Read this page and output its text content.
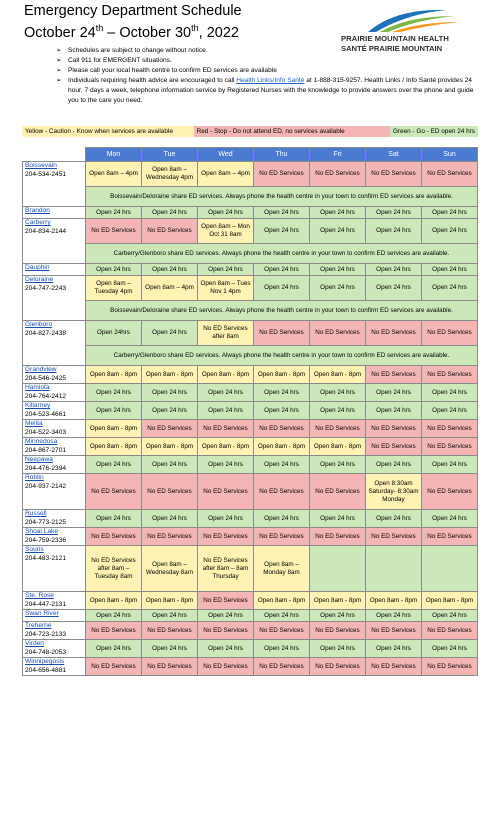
Emergency Department Schedule
October 24th – October 30th, 2022	PRAIRIE MOUNTAIN HEALTH
SANTÉ PRAIRIE MOUNTAIN
➢ Schedules are subject to change without notice.
➢ Call 911 for EMERGENT situations.
➢ Please call your local health centre to confirm ED services are available
➢ Individuals requiring health advice are encouraged to call Health Links/Info Santé at 1-888-315-9257. Health Links / Info Santé provides 24 hour, 7 days a week, telephone information service by Registered Nurses with the knowledge to provide answers over the phone and guide you to the care you need.
Yellow - Caution - Know when services are available	Red - Stop - Do not attend ED, no services available	Green - Go - ED open 24 hrs
	Mon	Tue	Wed	Thu	Fri	Sat	Sun

Boissevain
204-534-2451	Open 8am – 4pm	Open 8am – Wednesday 4pm	Open 8am – 4pm	No ED Services	No ED Services	No ED Services	No ED Services
	Boissevain/Deloraine share ED services. Always phone the health centre in your town to confirm ED services are available.						

Brandon	Open 24 hrs	Open 24 hrs	Open 24 hrs	Open 24 hrs	Open 24 hrs	Open 24 hrs	Open 24 hrs

Carberry
204-834-2144	No ED Services	No ED Services	Open 8am – Mon Oct 31 8am	Open 24 hrs	Open 24 hrs	Open 24 hrs	Open 24 hrs
	Carberry/Glenboro share ED services. Always phone the health centre in your town to confirm ED services are available.						

Dauphin	Open 24 hrs	Open 24 hrs	Open 24 hrs	Open 24 hrs	Open 24 hrs	Open 24 hrs	Open 24 hrs

Deloraine
204-747-2243	Open 8am – Tuesday 4pm	Open 8am – 4pm	Open 8am – Tues Nov 1 4pm	Open 24 hrs	Open 24 hrs	Open 24 hrs	Open 24 hrs
	Boissevain/Deloraine share ED services. Always phone the health centre in your town to confirm ED services are available.						

Glenboro
204-827-2438	Open 24hrs	Open 24 hrs	No ED Services after 8am	No ED Services	No ED Services	No ED Services	No ED Services
	Carberry/Glenboro share ED services. Always phone the health centre in your town to confirm ED services are available.						

Grandview
204-546-2425	Open 8am - 8pm	Open 8am - 8pm	Open 8am - 8pm	Open 8am - 8pm	Open 8am - 8pm	No ED Services	No ED Services

Hamiota
204-764-2412	Open 24 hrs	Open 24 hrs	Open 24 hrs	Open 24 hrs	Open 24 hrs	Open 24 hrs	Open 24 hrs

Killarney
204-523-4661	Open 24 hrs	Open 24 hrs	Open 24 hrs	Open 24 hrs	Open 24 hrs	Open 24 hrs	Open 24 hrs

Melita
204-522-3403	Open 8am - 8pm	No ED Services	No ED Services	No ED Services	No ED Services	No ED Services	No ED Services

Minnedosa
204-867-2701	Open 8am - 8pm	Open 8am - 8pm	Open 8am - 8pm	Open 8am - 8pm	Open 8am - 8pm	No ED Services	No ED Services

Neepawa
204-476-2394	Open 24 hrs	Open 24 hrs	Open 24 hrs	Open 24 hrs	Open 24 hrs	Open 24 hrs	Open 24 hrs

Roblin
204-937-2142	No ED Services	No ED Services	No ED Services	No ED Services	No ED Services	Open 8:30am Saturday- 8:30am Monday	No ED Services

Russell
204-773-2125	Open 24 hrs	Open 24 hrs	Open 24 hrs	Open 24 hrs	Open 24 hrs	Open 24 hrs	Open 24 hrs

Shoal Lake
204-759-2336	No ED Services	No ED Services	No ED Services	No ED Services	No ED Services	No ED Services	No ED Services

Souris
204-483-2121	No ED Services after 8am – Tuesday 8am	Open 8am – Wednesday 8am	No ED Services after 8am – 8am Thursday	Open 8am – Monday 8am			

Ste. Rose
204-447-2131	Open 8am - 8pm	Open 8am - 8pm	No ED Services	Open 8am - 8pm	Open 8am - 8pm	Open 8am - 8pm	Open 8am - 8pm

Swan River	Open 24 hrs	Open 24 hrs	Open 24 hrs	Open 24 hrs	Open 24 hrs	Open 24 hrs	Open 24 hrs

Treherne
204-723-2133	No ED Services	No ED Services	No ED Services	No ED Services	No ED Services	No ED Services	No ED Services

Virden
204-748-2053	Open 24 hrs	Open 24 hrs	Open 24 hrs	Open 24 hrs	Open 24 hrs	Open 24 hrs	Open 24 hrs

Winnipegosis
204-656-4881	No ED Services	No ED Services	No ED Services	No ED Services	No ED Services	No ED Services	No ED Services
